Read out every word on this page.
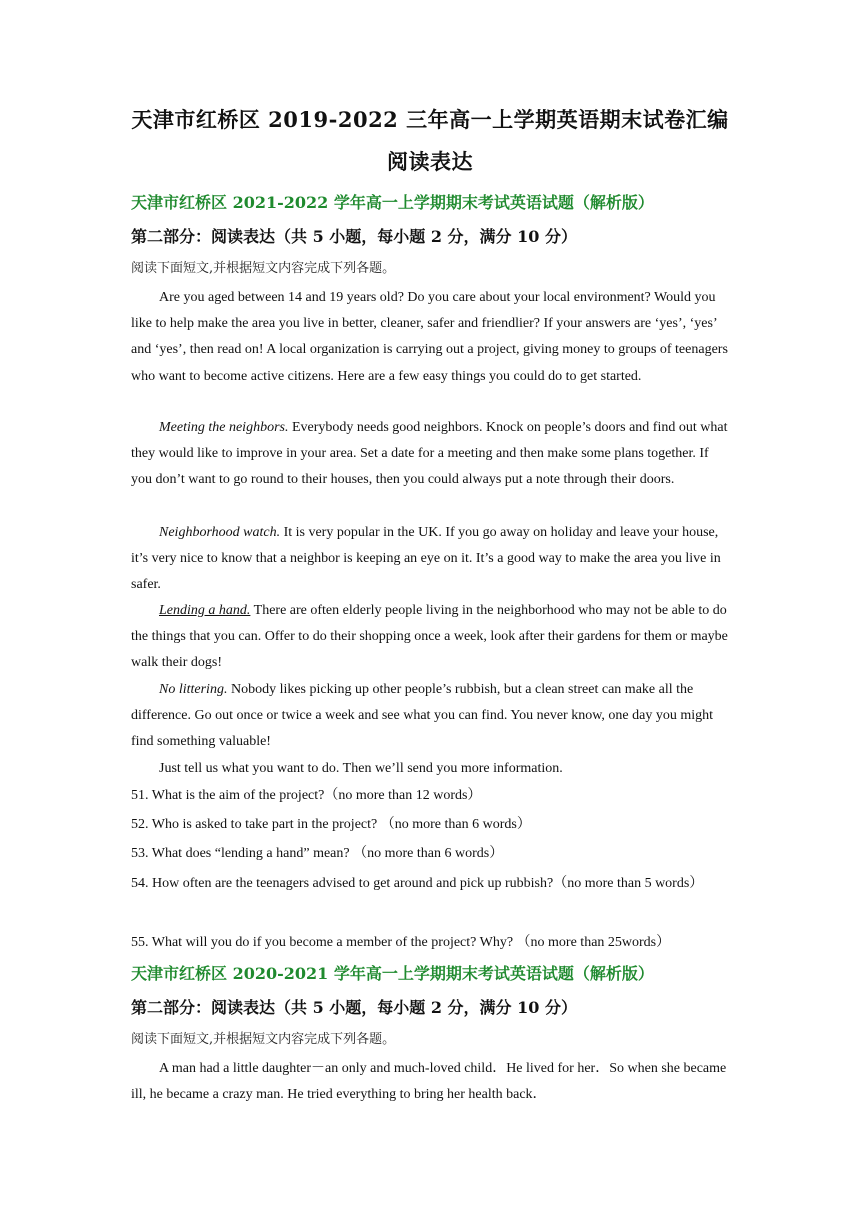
天津市红桥区 2019-2022 三年高一上学期英语期末试卷汇编
阅读表达
天津市红桥区 2021-2022 学年高一上学期期末考试英语试题（解析版）
第二部分：阅读表达（共 5 小题，每小题 2 分，满分 10 分）
阅读下面短文,并根据短文内容完成下列各题。

Are you aged between 14 and 19 years old? Do you care about your local environment? Would you like to help make the area you live in better, cleaner, safer and friendlier? If your answers are ‘yes’, ‘yes’ and ‘yes’, then read on! A local organization is carrying out a project, giving money to groups of teenagers who want to become active citizens. Here are a few easy things you could do to get started.

Meeting the neighbors. Everybody needs good neighbors. Knock on people’s doors and find out what they would like to improve in your area. Set a date for a meeting and then make some plans together. If you don’t want to go round to their houses, then you could always put a note through their doors.

Neighborhood watch. It is very popular in the UK. If you go away on holiday and leave your house, it’s very nice to know that a neighbor is keeping an eye on it. It’s a good way to make the area you live in safer.

Lending a hand. There are often elderly people living in the neighborhood who may not be able to do the things that you can. Offer to do their shopping once a week, look after their gardens for them or maybe walk their dogs!

No littering. Nobody likes picking up other people’s rubbish, but a clean street can make all the difference. Go out once or twice a week and see what you can find. You never know, one day you might find something valuable!

Just tell us what you want to do. Then we’ll send you more information.

51. What is the aim of the project?（no more than 12 words）

52. Who is asked to take part in the project? （no more than 6 words）

53. What does “lending a hand” mean? （no more than 6 words）

54. How often are the teenagers advised to get around and pick up rubbish?（no more than 5 words）

55. What will you do if you become a member of the project? Why? （no more than 25words）

天津市红桥区 2020-2021 学年高一上学期期末考试英语试题（解析版）
第二部分：阅读表达（共 5 小题，每小题 2 分，满分 10 分）
阅读下面短文,并根据短文内容完成下列各题。

A man had a little daughter－an only and much-loved child．He lived for her．So when she became ill, he became a crazy man. He tried everything to bring her health back．
